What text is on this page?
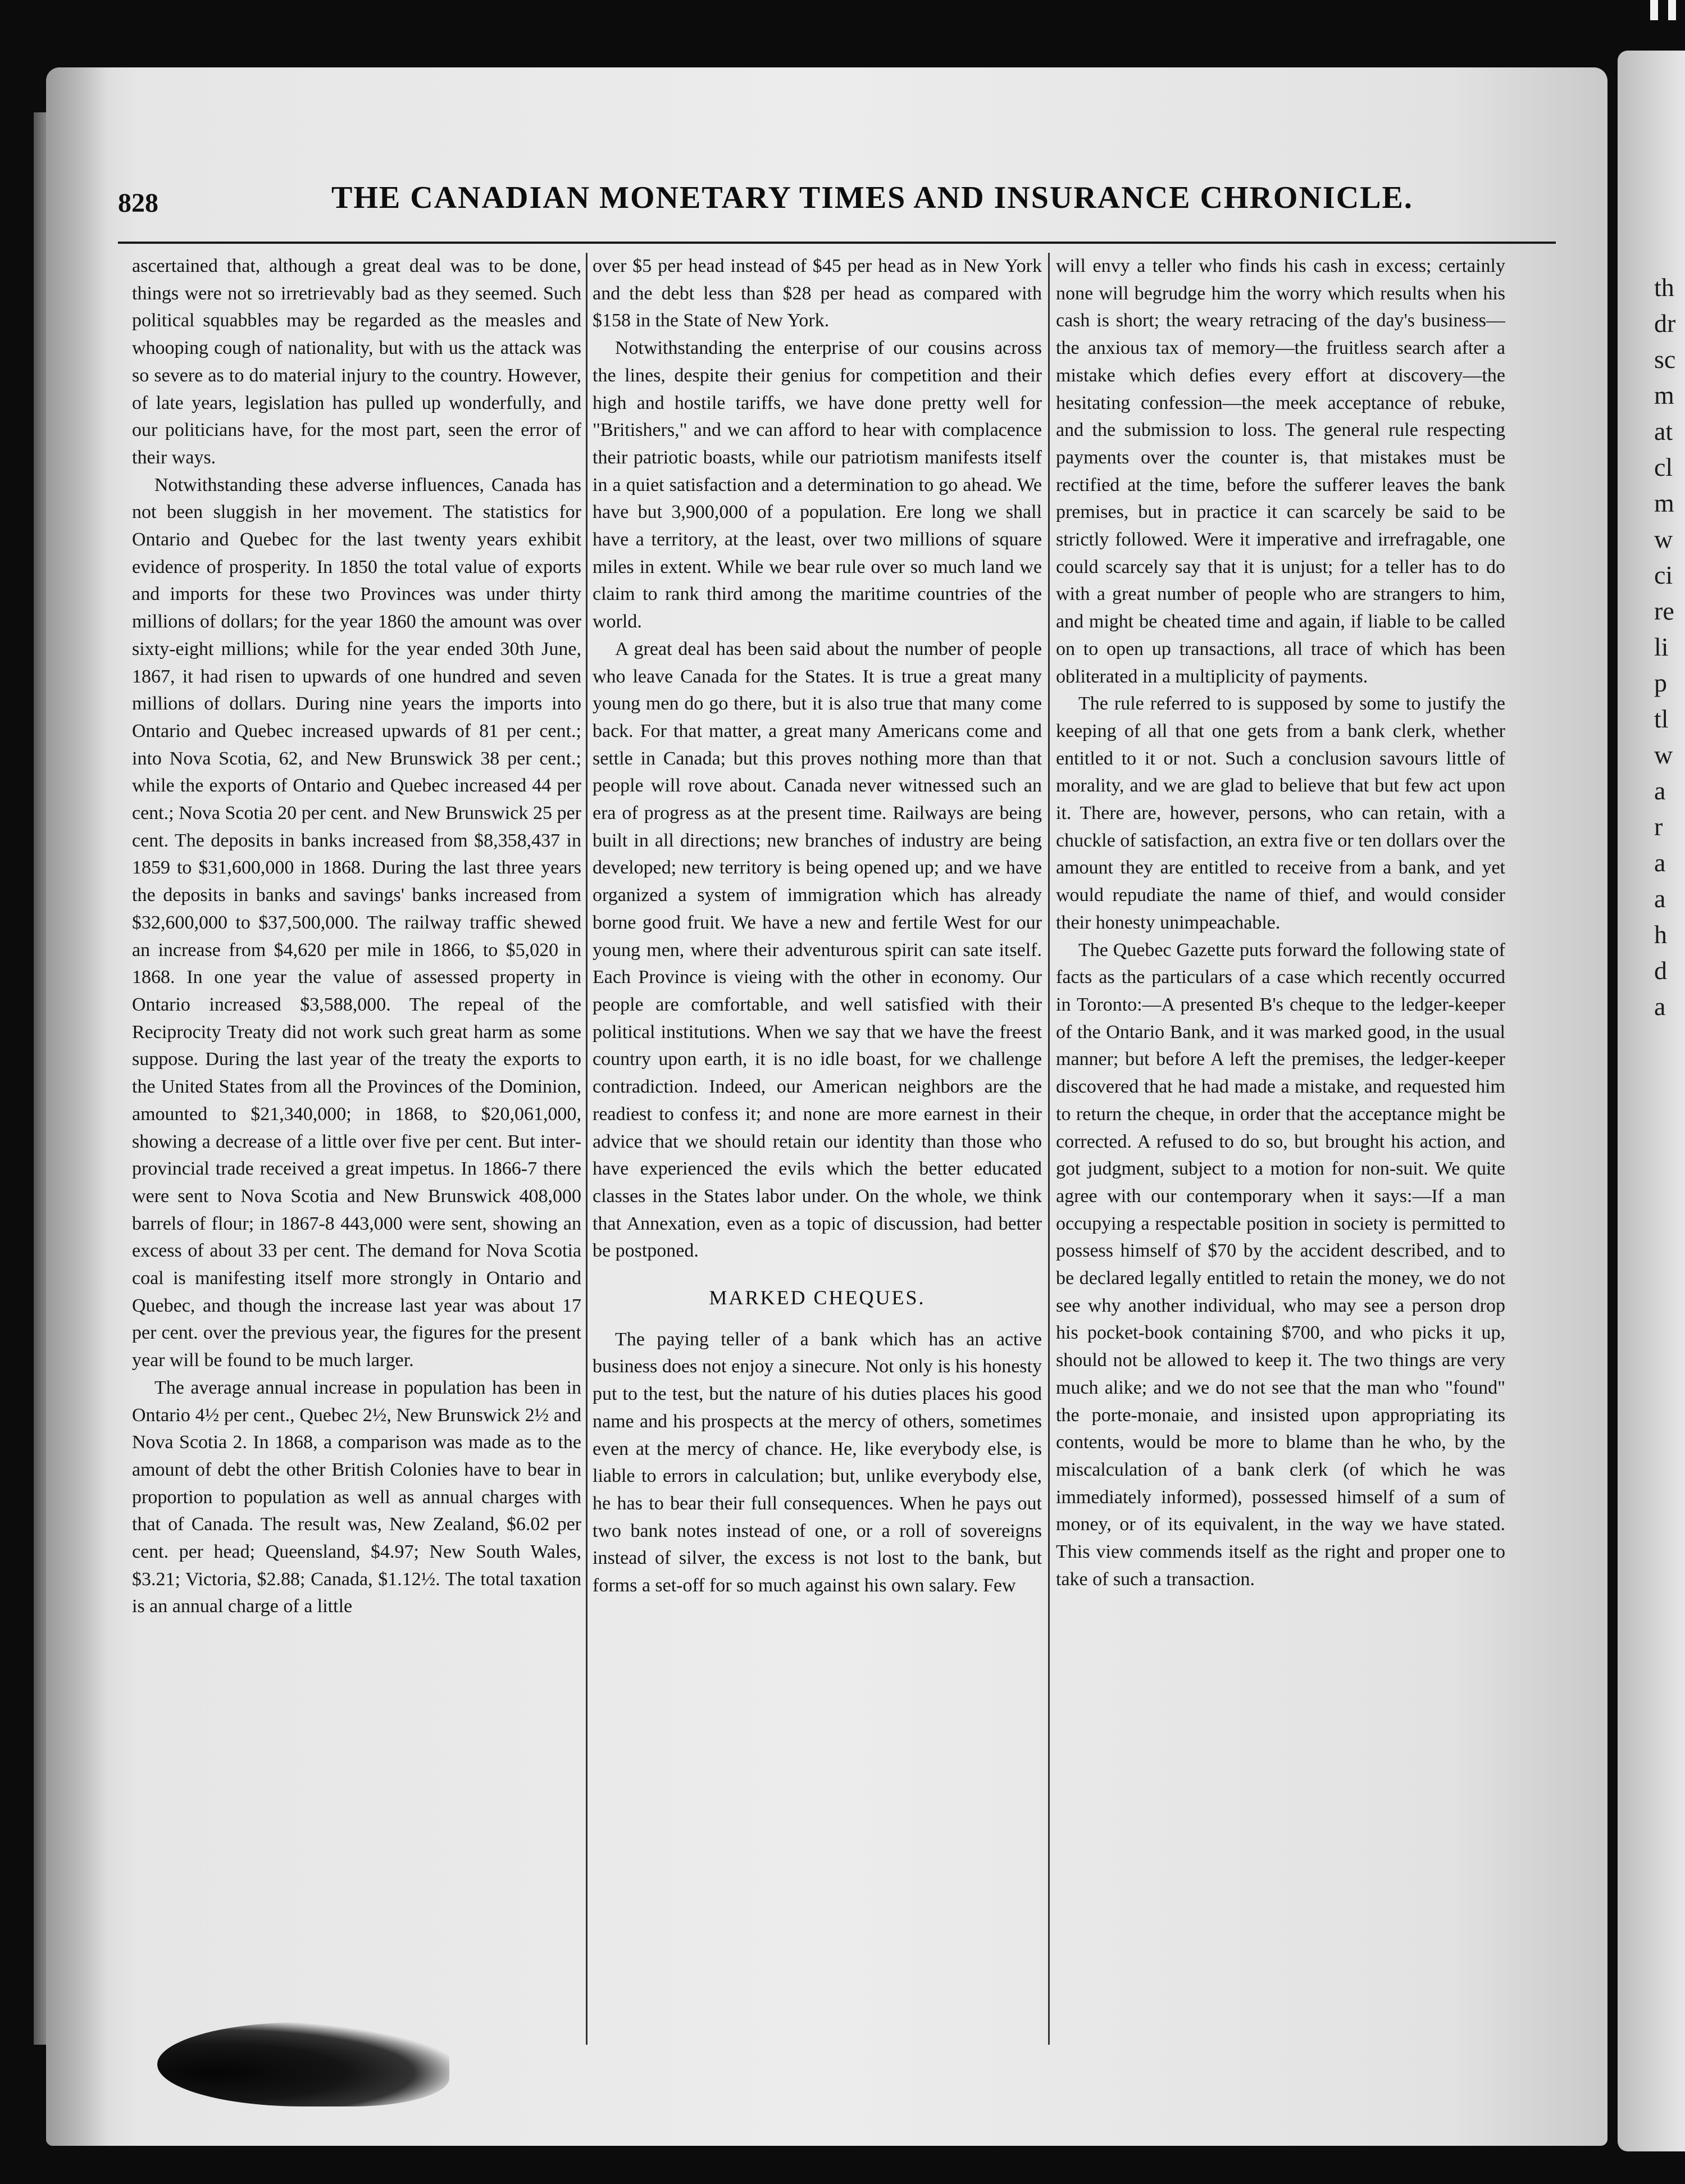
th
dr
sc
m
at
cl
m
w
ci
re
li
p
tl
w
a
r
a
a
h
d
a
828	THE CANADIAN MONETARY TIMES AND INSURANCE CHRONICLE.

ascertained that, although a great deal was to be done, things were not so irretrievably bad as they seemed. Such political squabbles may be regarded as the measles and whooping cough of nationality, but with us the attack was so severe as to do material injury to the country. However, of late years, legislation has pulled up wonderfully, and our politicians have, for the most part, seen the error of their ways.

Notwithstanding these adverse influences, Canada has not been sluggish in her movement. The statistics for Ontario and Quebec for the last twenty years exhibit evidence of prosperity. In 1850 the total value of exports and imports for these two Provinces was under thirty millions of dollars; for the year 1860 the amount was over sixty-eight millions; while for the year ended 30th June, 1867, it had risen to upwards of one hundred and seven millions of dollars. During nine years the imports into Ontario and Quebec increased upwards of 81 per cent.; into Nova Scotia, 62, and New Brunswick 38 per cent.; while the exports of Ontario and Quebec increased 44 per cent.; Nova Scotia 20 per cent. and New Brunswick 25 per cent. The deposits in banks increased from $8,358,437 in 1859 to $31,600,000 in 1868. During the last three years the deposits in banks and savings' banks increased from $32,600,000 to $37,500,000. The railway traffic shewed an increase from $4,620 per mile in 1866, to $5,020 in 1868. In one year the value of assessed property in Ontario increased $3,588,000. The repeal of the Reciprocity Treaty did not work such great harm as some suppose. During the last year of the treaty the exports to the United States from all the Provinces of the Dominion, amounted to $21,340,000; in 1868, to $20,061,000, showing a decrease of a little over five per cent. But inter-provincial trade received a great impetus. In 1866-7 there were sent to Nova Scotia and New Brunswick 408,000 barrels of flour; in 1867-8 443,000 were sent, showing an excess of about 33 per cent. The demand for Nova Scotia coal is manifesting itself more strongly in Ontario and Quebec, and though the increase last year was about 17 per cent. over the previous year, the figures for the present year will be found to be much larger.

The average annual increase in population has been in Ontario 4½ per cent., Quebec 2½, New Brunswick 2½ and Nova Scotia 2. In 1868, a comparison was made as to the amount of debt the other British Colonies have to bear in proportion to population as well as annual charges with that of Canada. The result was, New Zealand, $6.02 per cent. per head; Queensland, $4.97; New South Wales, $3.21; Victoria, $2.88; Canada, $1.12½. The total taxation is an annual charge of a little

over $5 per head instead of $45 per head as in New York and the debt less than $28 per head as compared with $158 in the State of New York.

Notwithstanding the enterprise of our cousins across the lines, despite their genius for competition and their high and hostile tariffs, we have done pretty well for "Britishers," and we can afford to hear with complacence their patriotic boasts, while our patriotism manifests itself in a quiet satisfaction and a determination to go ahead. We have but 3,900,000 of a population. Ere long we shall have a territory, at the least, over two millions of square miles in extent. While we bear rule over so much land we claim to rank third among the maritime countries of the world.

A great deal has been said about the number of people who leave Canada for the States. It is true a great many young men do go there, but it is also true that many come back. For that matter, a great many Americans come and settle in Canada; but this proves nothing more than that people will rove about. Canada never witnessed such an era of progress as at the present time. Railways are being built in all directions; new branches of industry are being developed; new territory is being opened up; and we have organized a system of immigration which has already borne good fruit. We have a new and fertile West for our young men, where their adventurous spirit can sate itself. Each Province is vieing with the other in economy. Our people are comfortable, and well satisfied with their political institutions. When we say that we have the freest country upon earth, it is no idle boast, for we challenge contradiction. Indeed, our American neighbors are the readiest to confess it; and none are more earnest in their advice that we should retain our identity than those who have experienced the evils which the better educated classes in the States labor under. On the whole, we think that Annexation, even as a topic of discussion, had better be postponed.

MARKED CHEQUES.

The paying teller of a bank which has an active business does not enjoy a sinecure. Not only is his honesty put to the test, but the nature of his duties places his good name and his prospects at the mercy of others, sometimes even at the mercy of chance. He, like everybody else, is liable to errors in calculation; but, unlike everybody else, he has to bear their full consequences. When he pays out two bank notes instead of one, or a roll of sovereigns instead of silver, the excess is not lost to the bank, but forms a set-off for so much against his own salary. Few

will envy a teller who finds his cash in excess; certainly none will begrudge him the worry which results when his cash is short; the weary retracing of the day's business—the anxious tax of memory—the fruitless search after a mistake which defies every effort at discovery—the hesitating confession—the meek acceptance of rebuke, and the submission to loss. The general rule respecting payments over the counter is, that mistakes must be rectified at the time, before the sufferer leaves the bank premises, but in practice it can scarcely be said to be strictly followed. Were it imperative and irrefragable, one could scarcely say that it is unjust; for a teller has to do with a great number of people who are strangers to him, and might be cheated time and again, if liable to be called on to open up transactions, all trace of which has been obliterated in a multiplicity of payments.

The rule referred to is supposed by some to justify the keeping of all that one gets from a bank clerk, whether entitled to it or not. Such a conclusion savours little of morality, and we are glad to believe that but few act upon it. There are, however, persons, who can retain, with a chuckle of satisfaction, an extra five or ten dollars over the amount they are entitled to receive from a bank, and yet would repudiate the name of thief, and would consider their honesty unimpeachable.

The Quebec Gazette puts forward the following state of facts as the particulars of a case which recently occurred in Toronto:—A presented B's cheque to the ledger-keeper of the Ontario Bank, and it was marked good, in the usual manner; but before A left the premises, the ledger-keeper discovered that he had made a mistake, and requested him to return the cheque, in order that the acceptance might be corrected. A refused to do so, but brought his action, and got judgment, subject to a motion for non-suit. We quite agree with our contemporary when it says:—If a man occupying a respectable position in society is permitted to possess himself of $70 by the accident described, and to be declared legally entitled to retain the money, we do not see why another individual, who may see a person drop his pocket-book containing $700, and who picks it up, should not be allowed to keep it. The two things are very much alike; and we do not see that the man who "found" the porte-monaie, and insisted upon appropriating its contents, would be more to blame than he who, by the miscalculation of a bank clerk (of which he was immediately informed), possessed himself of a sum of money, or of its equivalent, in the way we have stated. This view commends itself as the right and proper one to take of such a transaction.
